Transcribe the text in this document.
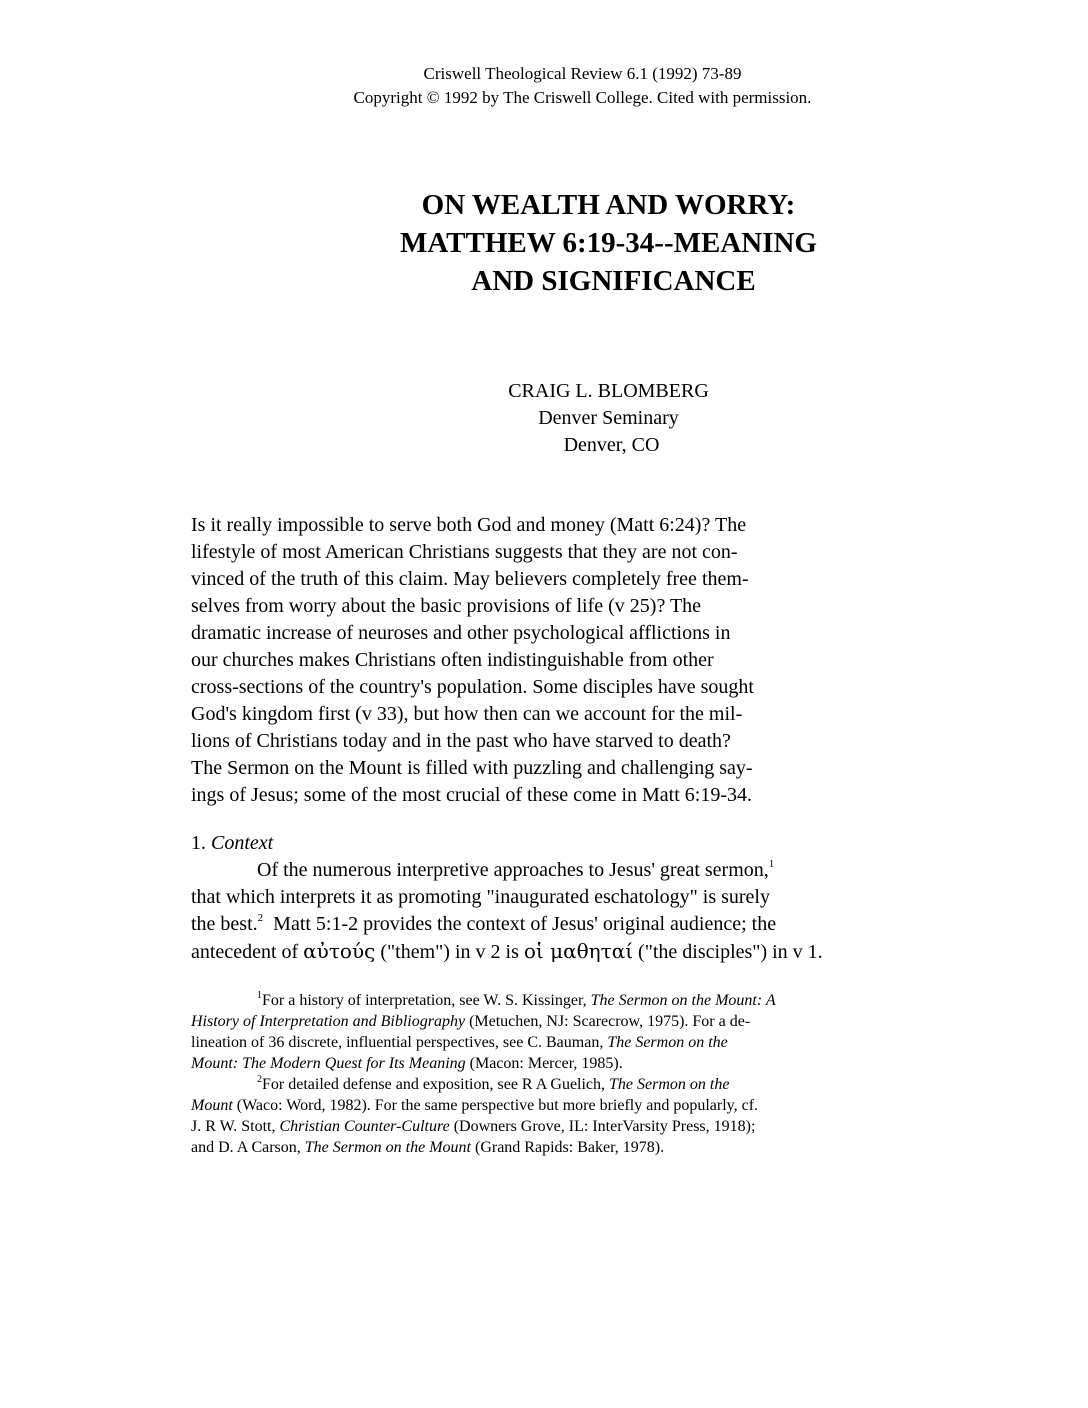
Criswell Theological Review 6.1 (1992) 73-89
Copyright © 1992 by The Criswell College. Cited with permission.
ON WEALTH AND WORRY:
MATTHEW 6:19-34--MEANING
AND SIGNIFICANCE
CRAIG L. BLOMBERG
Denver Seminary
Denver, CO
Is it really impossible to serve both God and money (Matt 6:24)? The
lifestyle of most American Christians suggests that they are not con-
vinced of the truth of this claim. May believers completely free them-
selves from worry about the basic provisions of life (v 25)? The
dramatic increase of neuroses and other psychological afflictions in
our churches makes Christians often indistinguishable from other
cross-sections of the country's population. Some disciples have sought
God's kingdom first (v 33), but how then can we account for the mil-
lions of Christians today and in the past who have starved to death?
The Sermon on the Mount is filled with puzzling and challenging say-
ings of Jesus; some of the most crucial of these come in Matt 6:19-34.
1. Context
Of the numerous interpretive approaches to Jesus' great sermon,$^1$
that which interprets it as promoting "inaugurated eschatology" is surely
the best.$^2$  Matt 5:1-2 provides the context of Jesus' original audience; the
antecedent of αὐτούς ("them") in v 2 is οἱ μαθηταί ("the disciples") in v 1.
$^1$For a history of interpretation, see W. S. Kissinger, The Sermon on the Mount: A
History of Interpretation and Bibliography (Metuchen, NJ: Scarecrow, 1975). For a de-
lineation of 36 discrete, influential perspectives, see C. Bauman, The Sermon on the
Mount: The Modern Quest for Its Meaning (Macon: Mercer, 1985).
$^2$For detailed defense and exposition, see R A Guelich, The Sermon on the
Mount (Waco: Word, 1982). For the same perspective but more briefly and popularly, cf.
J. R W. Stott, Christian Counter-Culture (Downers Grove, IL: InterVarsity Press, 1918);
and D. A Carson, The Sermon on the Mount (Grand Rapids: Baker, 1978).
